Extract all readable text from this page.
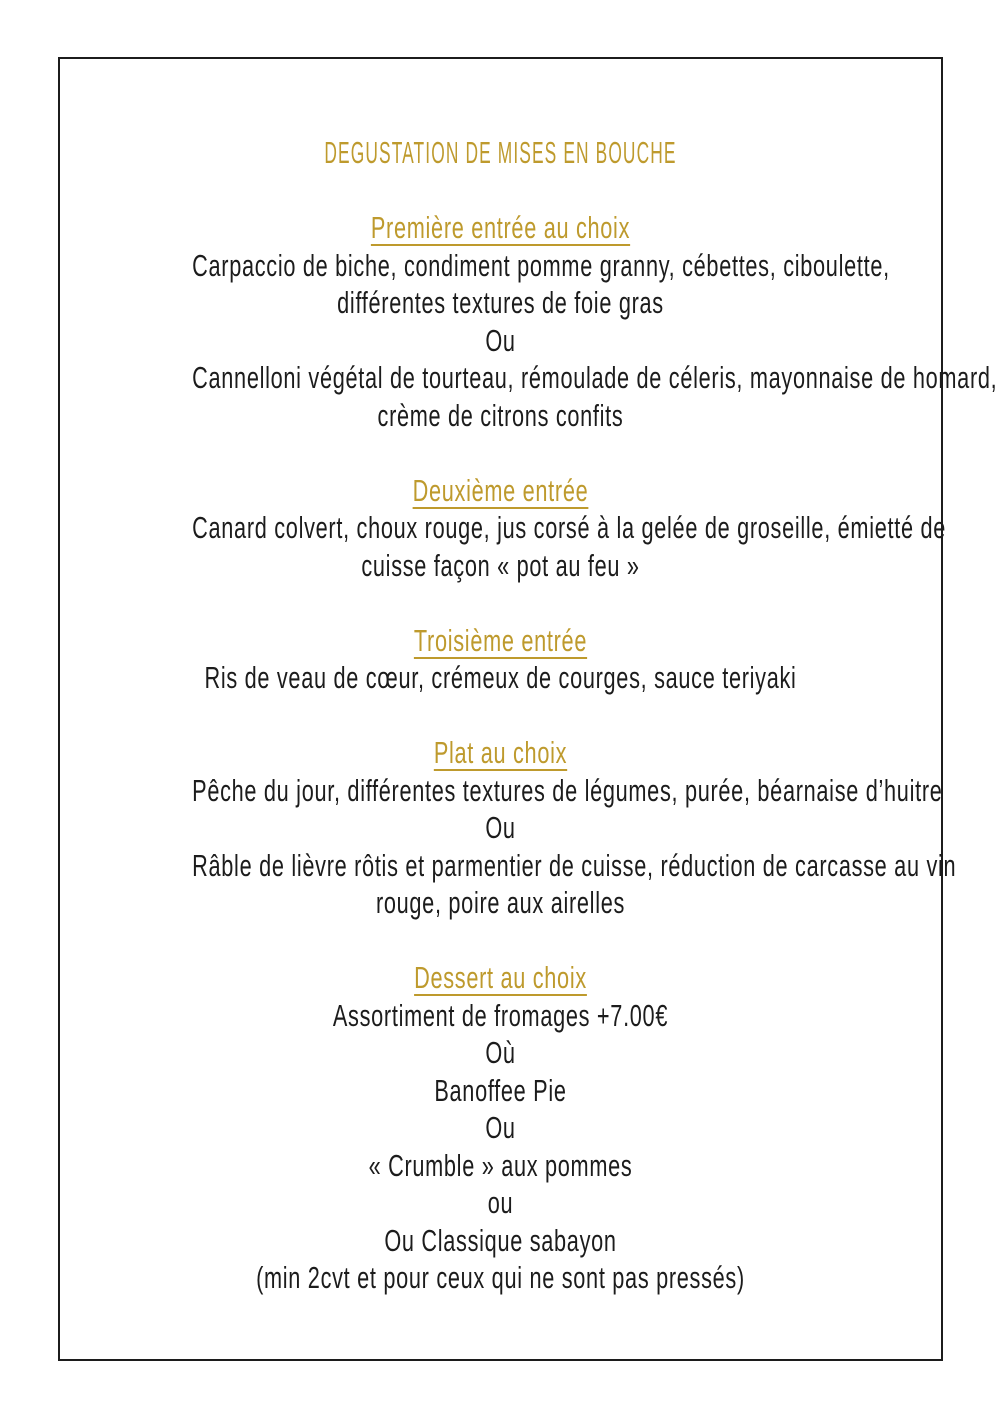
DEGUSTATION DE MISES EN BOUCHE
Première entrée au choix
Carpaccio de biche, condiment pomme granny, cébettes, ciboulette,
différentes textures de foie gras
Ou
Cannelloni végétal de tourteau, rémoulade de céleris, mayonnaise de homard,
crème de citrons confits
Deuxième entrée
Canard colvert, choux rouge, jus corsé à la gelée de groseille, émietté de
cuisse façon « pot au feu »
Troisième entrée
Ris de veau de cœur, crémeux de courges, sauce teriyaki
Plat au choix
Pêche du jour, différentes textures de légumes, purée, béarnaise d’huitre
Ou
Râble de lièvre rôtis et parmentier de cuisse, réduction de carcasse au vin
rouge, poire aux airelles
Dessert au choix
Assortiment de fromages +7.00€
Où
Banoffee Pie
Ou
« Crumble » aux pommes
ou
Ou Classique sabayon
(min 2cvt et pour ceux qui ne sont pas pressés)
